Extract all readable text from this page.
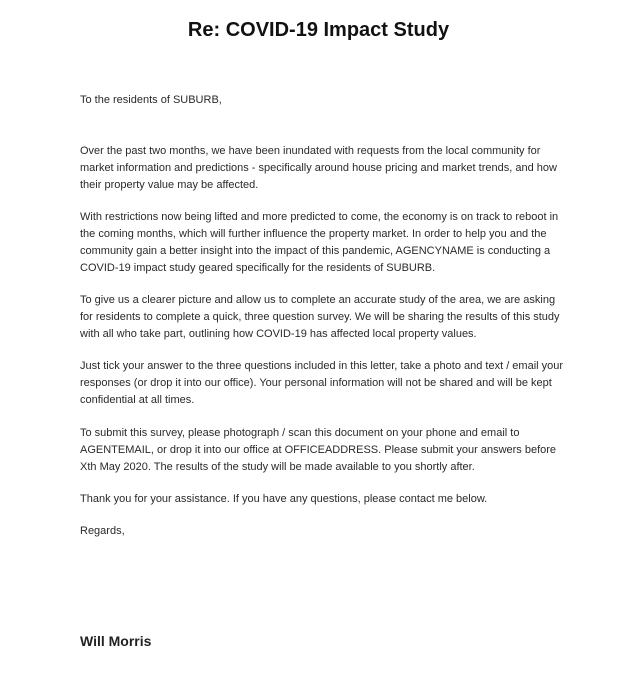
Re: COVID-19 Impact Study

To the residents of SUBURB,

Over the past two months, we have been inundated with requests from the local community for market information and predictions - specifically around house pricing and market trends, and how their property value may be affected.

With restrictions now being lifted and more predicted to come, the economy is on track to reboot in the coming months, which will further influence the property market. In order to help you and the community gain a better insight into the impact of this pandemic, AGENCYNAME is conducting a COVID-19 impact study geared specifically for the residents of SUBURB.

To give us a clearer picture and allow us to complete an accurate study of the area, we are asking for residents to complete a quick, three question survey. We will be sharing the results of this study with all who take part, outlining how COVID-19 has affected local property values.

Just tick your answer to the three questions included in this letter, take a photo and text / email your responses (or drop it into our office). Your personal information will not be shared and will be kept confidential at all times.

To submit this survey, please photograph / scan this document on your phone and email to AGENTEMAIL, or drop it into our office at OFFICEADDRESS. Please submit your answers before Xth May 2020. The results of the study will be made available to you shortly after.

Thank you for your assistance. If you have any questions, please contact me below.

Regards,

Will Morris
